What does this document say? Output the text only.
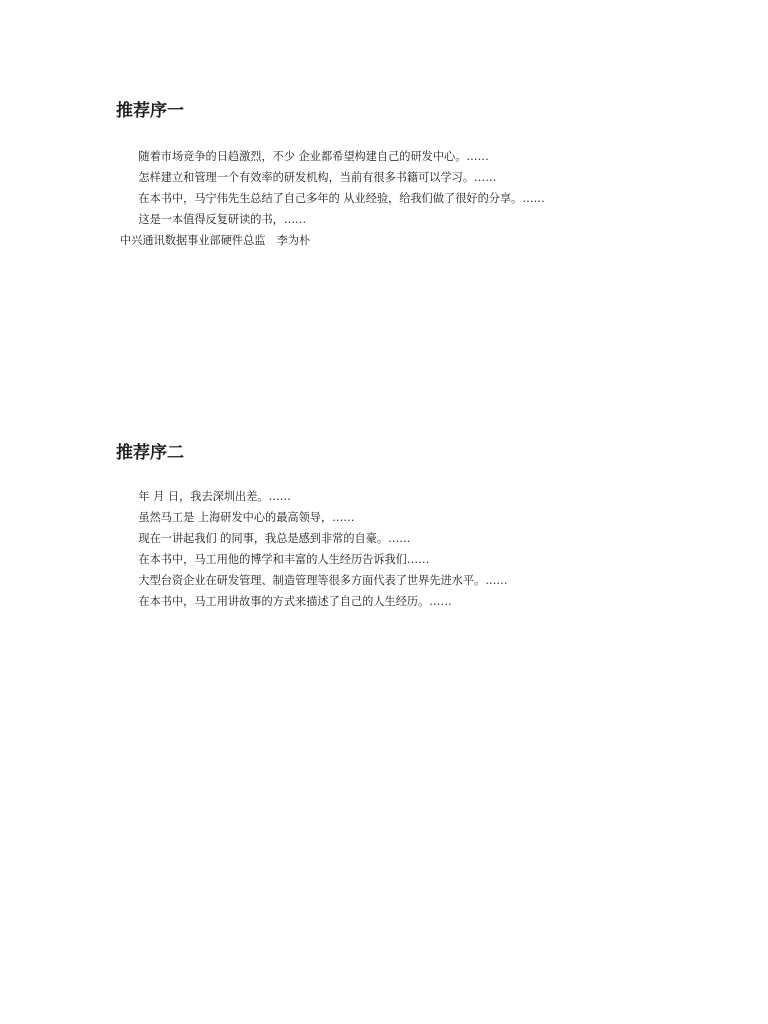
推荐序一

随着市场竞争的日趋激烈，不少 企业都希望构建自己的研发中心。……

怎样建立和管理一个有效率的研发机构，当前有很多书籍可以学习。……

在本书中，马宁伟先生总结了自己多年的 从业经验，给我们做了很好的分享。……

这是一本值得反复研读的书，……

中兴通讯数据事业部硬件总监　李为朴

推荐序二

年 月 日，我去深圳出差。……

虽然马工是 上海研发中心的最高领导，……

现在一讲起我们 的同事，我总是感到非常的自豪。……

在本书中，马工用他的博学和丰富的人生经历告诉我们……

大型台资企业在研发管理、制造管理等很多方面代表了世界先进水平。……

在本书中，马工用讲故事的方式来描述了自己的人生经历。……
